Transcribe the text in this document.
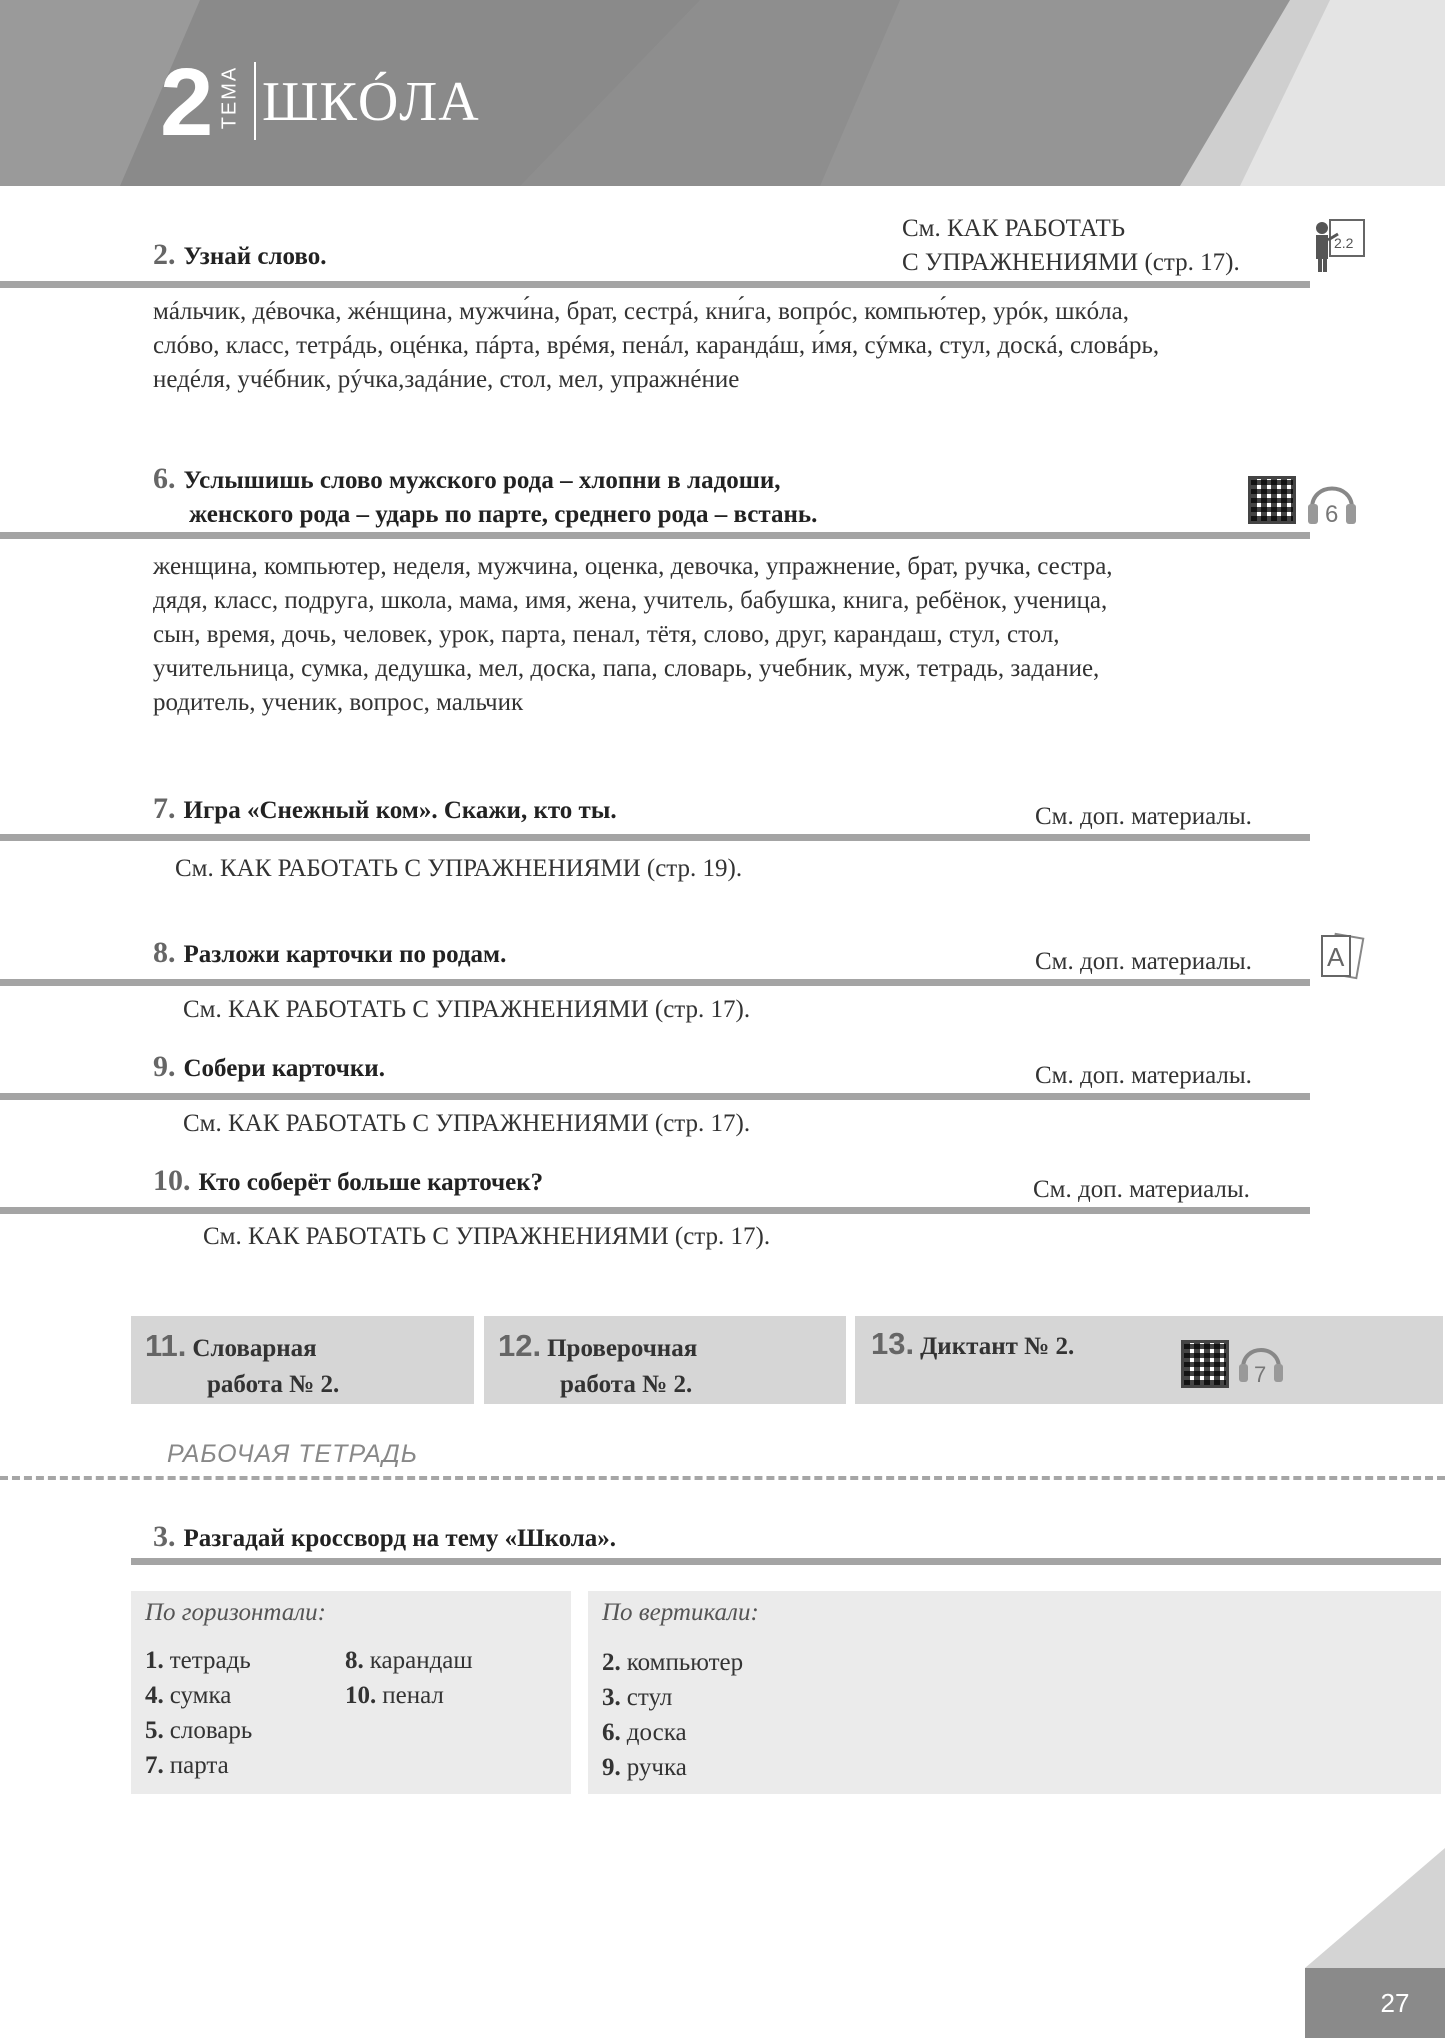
2 ТЕМА ШКÓЛА
2. Узнай слово.
См. КАК РАБОТАТЬ
С УПРАЖНЕНИЯМИ (стр. 17).
2.2
мáльчик, дéвочка, жéнщина, мужчи́на, брат, сестрá, кни́га, вопрóс, компью́тер, урóк, шкóла,
слóво, класс, тетрáдь, оцéнка, пáрта, врéмя, пенáл, карандáш, и́мя, сýмка, стул, доскá, словáрь,
недéля, учéбник, рýчка,задáние, стол, мел, упражнéние
6. Услышишь слово мужского рода – хлопни в ладоши,
женского рода – ударь по парте, среднего рода – встань.	6
женщина, компьютер, неделя, мужчина, оценка, девочка, упражнение, брат, ручка, сестра,
дядя, класс, подруга, школа, мама, имя, жена, учитель, бабушка, книга, ребёнок, ученица,
сын, время, дочь, человек, урок, парта, пенал, тётя, слово, друг, карандаш, стул, стол,
учительница, сумка, дедушка, мел, доска, папа, словарь, учебник, муж, тетрадь, задание,
родитель, ученик, вопрос, мальчик
7. Игра «Снежный ком». Скажи, кто ты.	См. доп. материалы.
См. КАК РАБОТАТЬ С УПРАЖНЕНИЯМИ (стр. 19).
8. Разложи карточки по родам.	См. доп. материалы.	A
См. КАК РАБОТАТЬ С УПРАЖНЕНИЯМИ (стр. 17).
9. Собери карточки.	См. доп. материалы.
См. КАК РАБОТАТЬ С УПРАЖНЕНИЯМИ (стр. 17).
10. Кто соберёт больше карточек?	См. доп. материалы.
См. КАК РАБОТАТЬ С УПРАЖНЕНИЯМИ (стр. 17).
11. Словарная
работа № 2.
12. Проверочная
работа № 2.
13. Диктант № 2.
7
РАБОЧАЯ ТЕТРАДЬ
3. Разгадай кроссворд на тему «Школа».
По горизонтали:
1. тетрадь
4. сумка
5. словарь
7. парта
8. карандаш
10. пенал
По вертикали:
2. компьютер
3. стул
6. доска
9. ручка
27
